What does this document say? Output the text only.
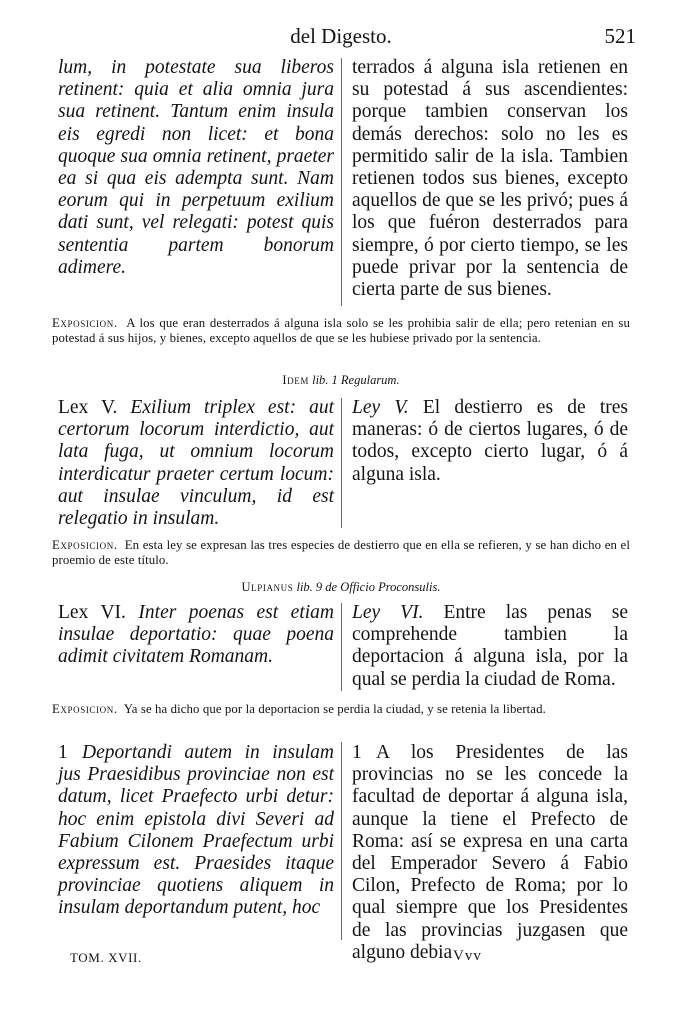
del Digesto.	521
lum, in potestate sua liberos retinent: quia et alia omnia jura sua retinent. Tantum enim insula eis egredi non licet: et bona quoque sua omnia retinent, praeter ea si qua eis adempta sunt. Nam eorum qui in perpetuum exilium dati sunt, vel relegati: potest quis sententia partem bonorum adimere.
terrados á alguna isla retienen en su potestad á sus ascendientes: porque tambien conservan los demás derechos: solo no les es permitido salir de la isla. Tambien retienen todos sus bienes, excepto aquellos de que se les privó; pues á los que fuéron desterrados para siempre, ó por cierto tiempo, se les puede privar por la sentencia de cierta parte de sus bienes.
Exposicion. A los que eran desterrados á alguna isla solo se les prohibia salir de ella; pero retenian en su potestad á sus hijos, y bienes, excepto aquellos de que se les hubiese privado por la sentencia.
Idem lib. 1 Regularum.
Lex V. Exilium triplex est: aut certorum locorum interdictio, aut lata fuga, ut omnium locorum interdicatur praeter certum locum: aut insulae vinculum, id est relegatio in insulam.
Ley V. El destierro es de tres maneras: ó de ciertos lugares, ó de todos, excepto cierto lugar, ó á alguna isla.
Exposicion. En esta ley se expresan las tres especies de destierro que en ella se refieren, y se han dicho en el proemio de este título.
Ulpianus lib. 9 de Officio Proconsulis.
Lex VI. Inter poenas est etiam insulae deportatio: quae poena adimit civitatem Romanam.
Ley VI. Entre las penas se comprehende tambien la deportacion á alguna isla, por la qual se perdia la ciudad de Roma.
Exposicion. Ya se ha dicho que por la deportacion se perdia la ciudad, y se retenia la libertad.
1 Deportandi autem in insulam jus Praesidibus provinciae non est datum, licet Praefecto urbi detur: hoc enim epistola divi Severi ad Fabium Cilonem Praefectum urbi expressum est. Praesides itaque provinciae quotiens aliquem in insulam deportandum putent, hoc
1 A los Presidentes de las provincias no se les concede la facultad de deportar á alguna isla, aunque la tiene el Prefecto de Roma: así se expresa en una carta del Emperador Severo á Fabio Cilon, Prefecto de Roma; por lo qual siempre que los Presidentes de las provincias juzgasen que alguno debia
TOM. XVII.	Vvv
